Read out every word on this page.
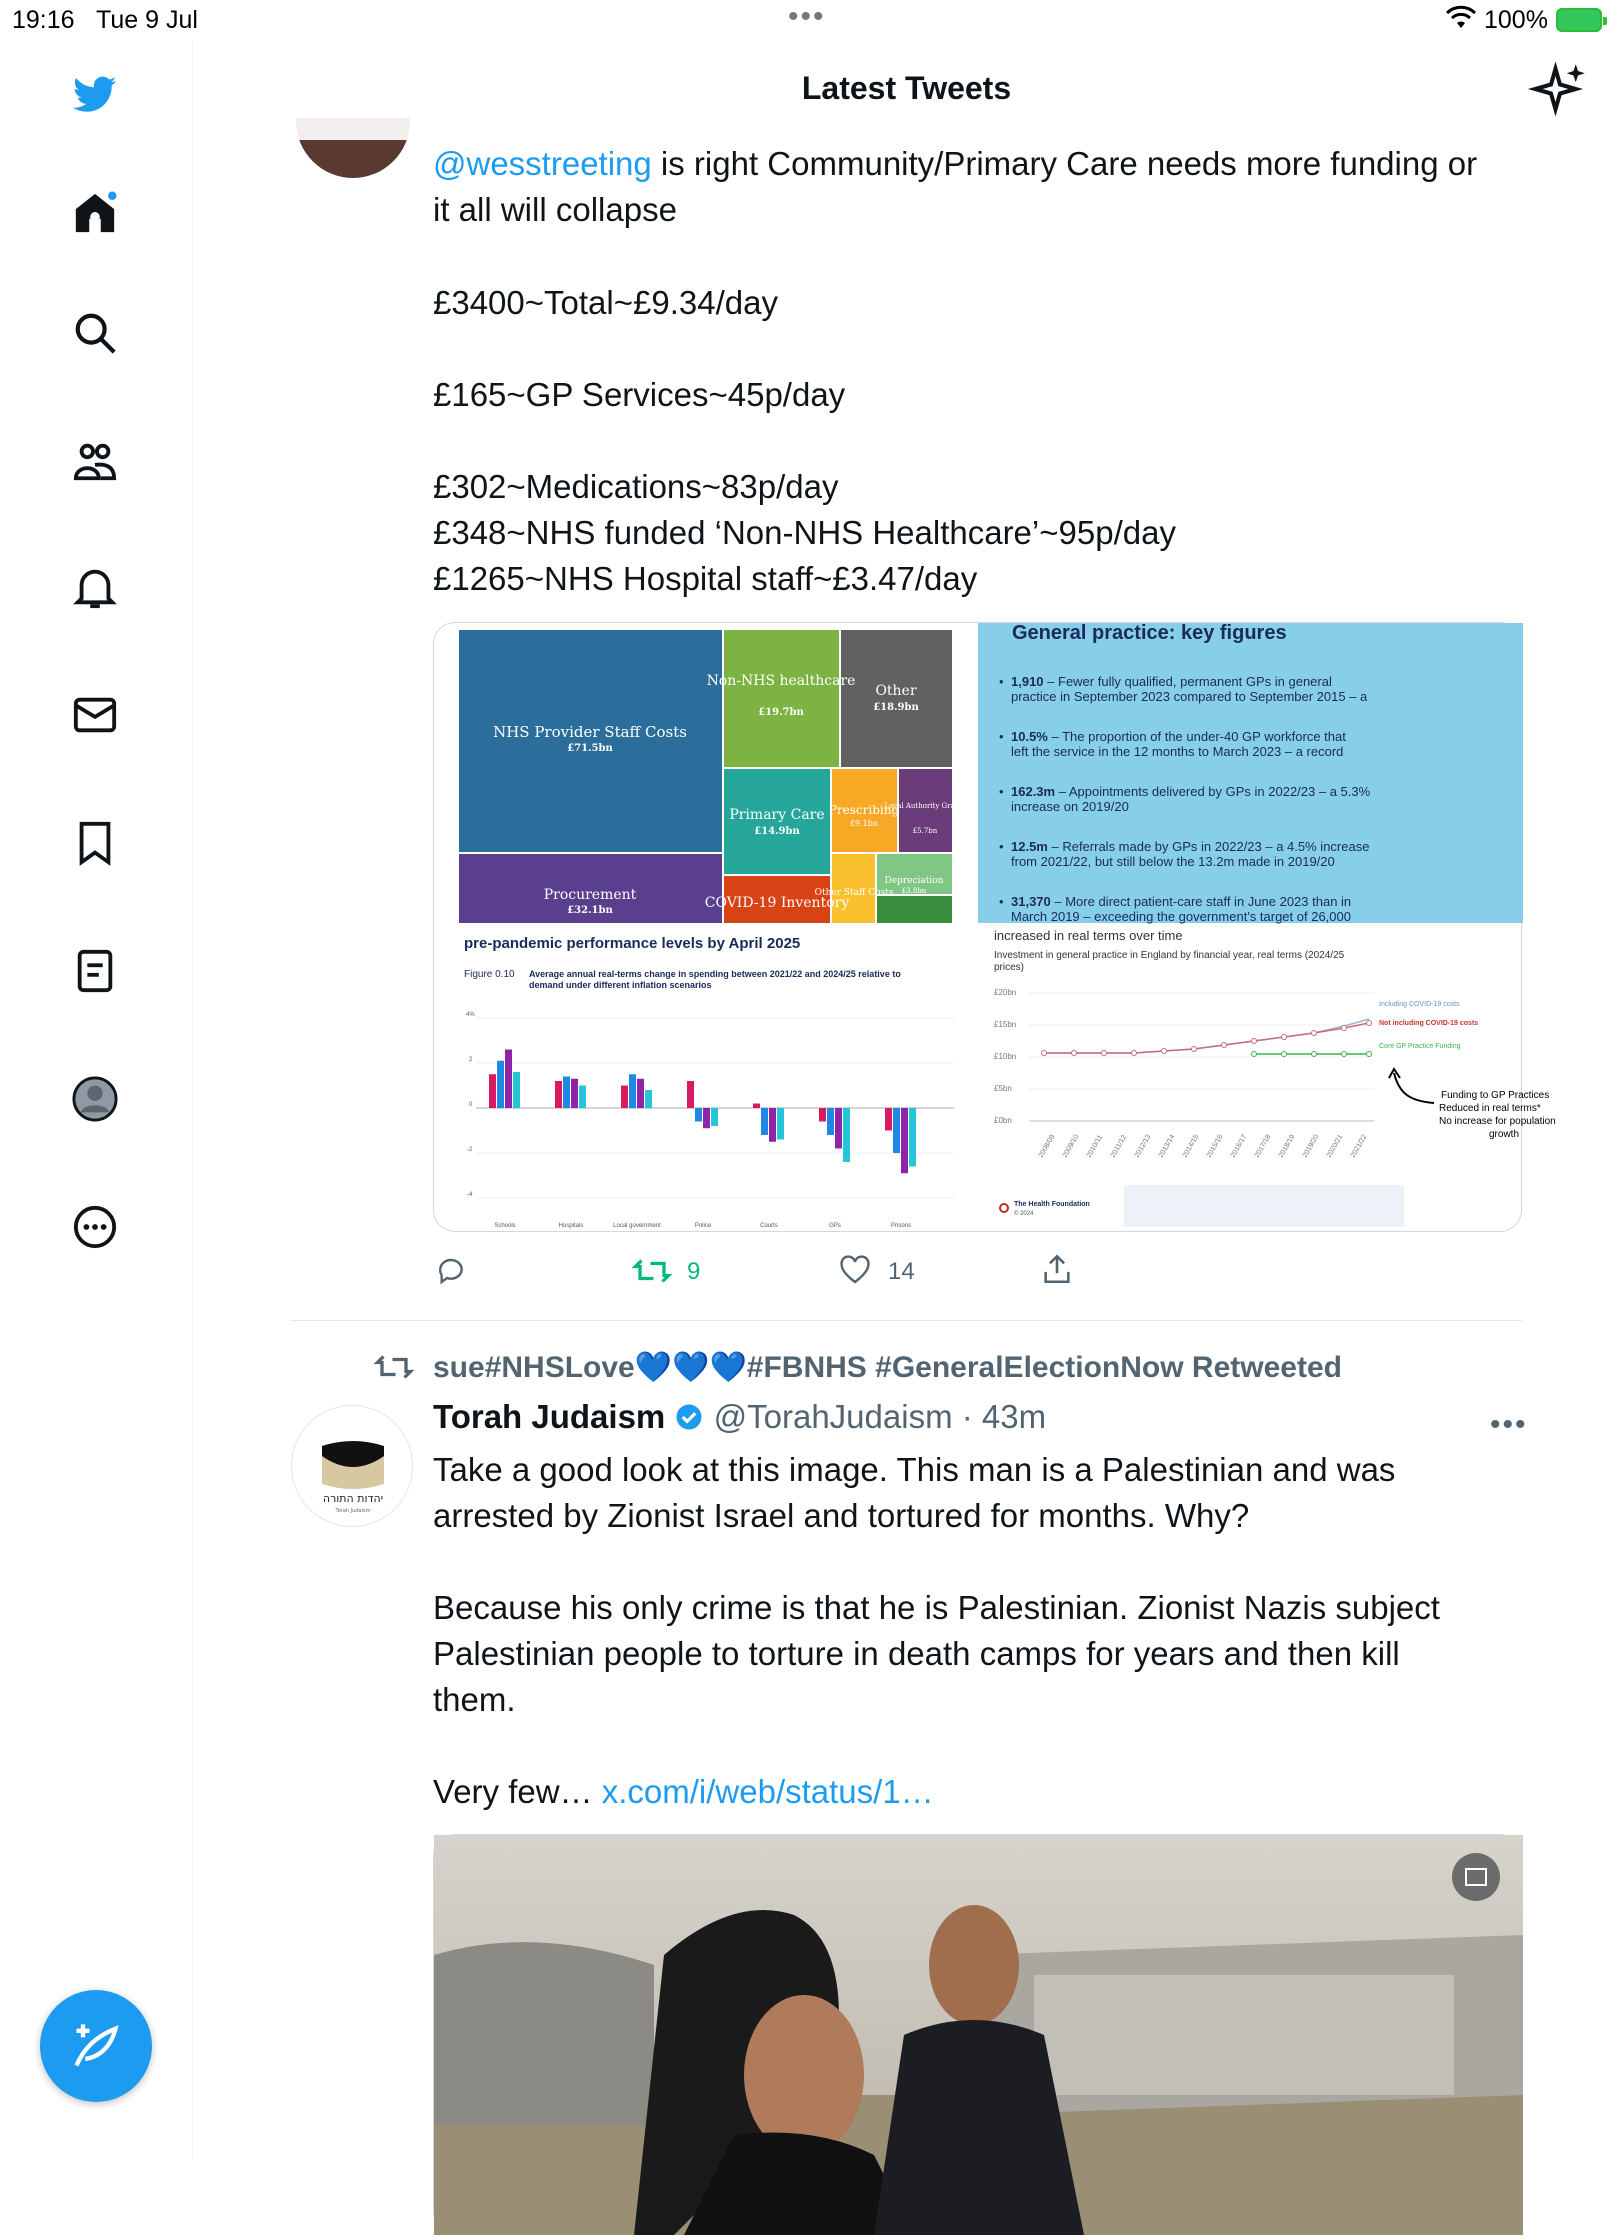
19:16 Tue 9 Jul	•••	100%
Latest Tweets
@wesstreeting is right Community/Primary Care needs more funding or
it all will collapse
£3400~Total~£9.34/day

£165~GP Services~45p/day

£302~Medications~83p/day
£348~NHS funded ‘Non-NHS Healthcare’~95p/day
£1265~NHS Hospital staff~£3.47/day
NHS Provider Staff Costs
£71.5bn
Non-NHS healthcare
£19.7bn
Other
£18.9bn
Primary Care
£14.9bn
Prescribing
£9.1bn
Local Authority Grants
£5.7bn
Procurement
£32.1bn	COVID-19 Inventory
Other Staff Costs
Depreciation
£3.8bn
General practice: key figures
• 1,910 – Fewer fully qualified, permanent GPs in general practice in September 2023 compared to September 2015 – a
• 10.5% – The proportion of the under-40 GP workforce that left the service in the 12 months to March 2023 – a record
• 162.3m – Appointments delivered by GPs in 2022/23 – a 5.3% increase on 2019/20
• 12.5m – Referrals made by GPs in 2022/23 – a 4.5% increase from 2021/22, but still below the 13.2m made in 2019/20
• 31,370 – More direct patient-care staff in June 2023 than in March 2019 – exceeding the government's target of 26,000
pre-pandemic performance levels by April 2025
Figure 0.10 Average annual real-terms change in spending between 2021/22 and 2024/25 relative to demand under different inflation scenarios
4%
2
0
-2
-4
Schools	Hospitals	Local government	Police	Courts	GPs	Prisons
increased in real terms over time
Investment in general practice in England by financial year, real terms (2024/25 prices)
£20bn
£15bn
£10bn
£5bn
£0bn
Including COVID-19 costs
Not including COVID-19 costs
Core GP Practice Funding
Funding to GP Practices Reduced in real terms* No increase for population growth
2008/09 2009/10 2010/11 2011/12 2012/13 2013/14 2014/15 2015/16 2016/17 2017/18 2018/19 2019/20 2020/21 2021/22
The Health Foundation
© 2024
9	14
sue#NHSLove💙💙💙#FBNHS #GeneralElectionNow Retweeted
יהדות התורה
Torah Judaism
Torah Judaism @TorahJudaism · 43m	•••
Take a good look at this image. This man is a Palestinian and was
arrested by Zionist Israel and tortured for months. Why?

Because his only crime is that he is Palestinian. Zionist Nazis subject
Palestinian people to torture in death camps for years and then kill
them.

Very few… x.com/i/web/status/1…
